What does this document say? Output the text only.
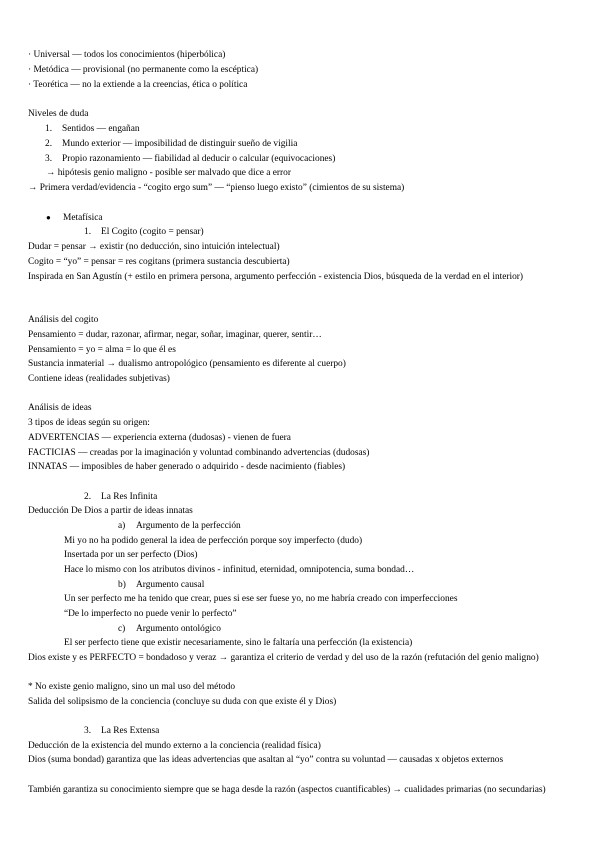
· Universal — todos los conocimientos (hiperbólica)
· Metódica — provisional (no permanente como la escéptica)
· Teorética — no la extiende a la creencias, ética o política
Niveles de duda
1. Sentidos — engañan
2. Mundo exterior — imposibilidad de distinguir sueño de vigilia
3. Propio razonamiento — fiabilidad al deducir o calcular (equivocaciones)
→ hipótesis genio maligno - posible ser malvado que dice a error
→ Primera verdad/evidencia - “cogito ergo sum” — “pienso luego existo” (cimientos de su sistema)
● Metafísica
1. El Cogito (cogito = pensar)
Dudar = pensar → existir (no deducción, sino intuición intelectual)
Cogito = “yo” = pensar = res cogitans (primera sustancia descubierta)
Inspirada en San Agustín (+ estilo en primera persona, argumento perfección - existencia Dios, búsqueda de la verdad en el interior)
Análisis del cogito
Pensamiento = dudar, razonar, afirmar, negar, soñar, imaginar, querer, sentir…
Pensamiento = yo = alma = lo que él es
Sustancia inmaterial → dualismo antropológico (pensamiento es diferente al cuerpo)
Contiene ideas (realidades subjetivas)
Análisis de ideas
3 tipos de ideas según su origen:
ADVERTENCIAS — experiencia externa (dudosas) - vienen de fuera
FACTICIAS — creadas por la imaginación y voluntad combinando advertencias (dudosas)
INNATAS — imposibles de haber generado o adquirido - desde nacimiento (fiables)
2. La Res Infinita
Deducción De Dios a partir de ideas innatas
a) Argumento de la perfección
Mi yo no ha podido general la idea de perfección porque soy imperfecto (dudo)
Insertada por un ser perfecto (Dios)
Hace lo mismo con los atributos divinos - infinitud, eternidad, omnipotencia, suma bondad…
b) Argumento causal
Un ser perfecto me ha tenido que crear, pues si ese ser fuese yo, no me habría creado con imperfecciones
“De lo imperfecto no puede venir lo perfecto”
c) Argumento ontológico
El ser perfecto tiene que existir necesariamente, sino le faltaría una perfección (la existencia)
Dios existe y es PERFECTO = bondadoso y veraz → garantiza el criterio de verdad y del uso de la razón (refutación del genio maligno)
* No existe genio maligno, sino un mal uso del método
Salida del solipsismo de la conciencia (concluye su duda con que existe él y Dios)
3. La Res Extensa
Deducción de la existencia del mundo externo a la conciencia (realidad física)
Dios (suma bondad) garantiza que las ideas advertencias que asaltan al “yo” contra su voluntad — causadas x objetos externos
También garantiza su conocimiento siempre que se haga desde la razón (aspectos cuantificables) → cualidades primarias (no secundarias)
